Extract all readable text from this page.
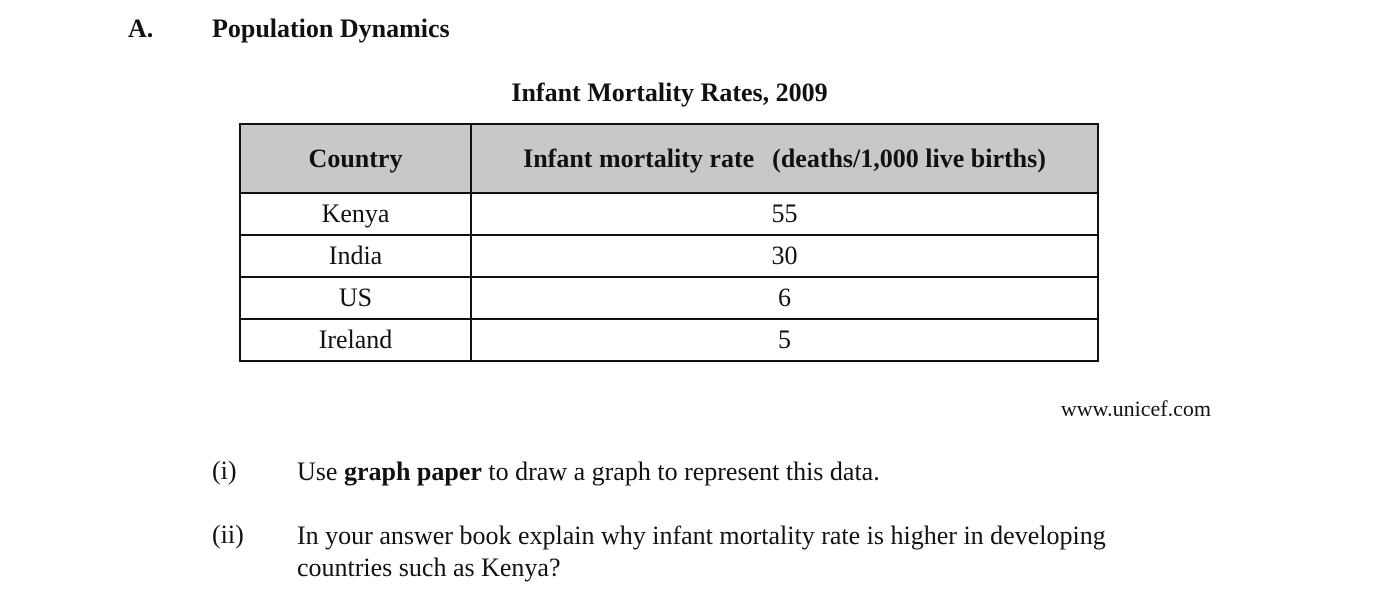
A. Population Dynamics
Infant Mortality Rates, 2009
Country	Infant mortality rate (deaths/1,000 live births)
Kenya	55
India	30
US	6
Ireland	5
www.unicef.com
(i) Use graph paper to draw a graph to represent this data.
(ii) In your answer book explain why infant mortality rate is higher in developing countries such as Kenya?
